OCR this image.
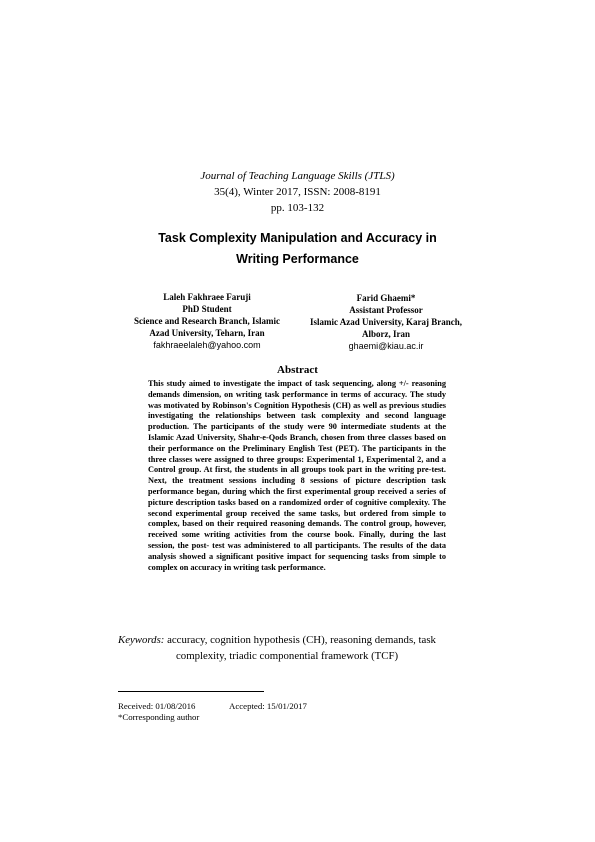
Journal of Teaching Language Skills (JTLS)
35(4), Winter 2017, ISSN: 2008-8191
pp. 103-132
Task Complexity Manipulation and Accuracy in
Writing Performance
Laleh Fakhraee Faruji
PhD Student
Science and Research Branch, Islamic
Azad University, Teharn, Iran
fakhraeelaleh@yahoo.com
Farid Ghaemi*
Assistant Professor
Islamic Azad University, Karaj Branch,
Alborz, Iran
ghaemi@kiau.ac.ir
Abstract
This study aimed to investigate the impact of task sequencing, along +/- reasoning demands dimension, on writing task performance in terms of accuracy. The study was motivated by Robinson's Cognition Hypothesis (CH) as well as previous studies investigating the relationships between task complexity and second language production. The participants of the study were 90 intermediate students at the Islamic Azad University, Shahr-e-Qods Branch, chosen from three classes based on their performance on the Preliminary English Test (PET). The participants in the three classes were assigned to three groups: Experimental 1, Experimental 2, and a Control group. At first, the students in all groups took part in the writing pre-test. Next, the treatment sessions including 8 sessions of picture description task performance began, during which the first experimental group received a series of picture description tasks based on a randomized order of cognitive complexity. The second experimental group received the same tasks, but ordered from simple to complex, based on their required reasoning demands. The control group, however, received some writing activities from the course book. Finally, during the last session, the post- test was administered to all participants. The results of the data analysis showed a significant positive impact for sequencing tasks from simple to complex on accuracy in writing task performance.
Keywords: accuracy, cognition hypothesis (CH), reasoning demands, task
complexity, triadic componential framework (TCF)
Received: 01/08/2016	Accepted: 15/01/2017
*Corresponding author
